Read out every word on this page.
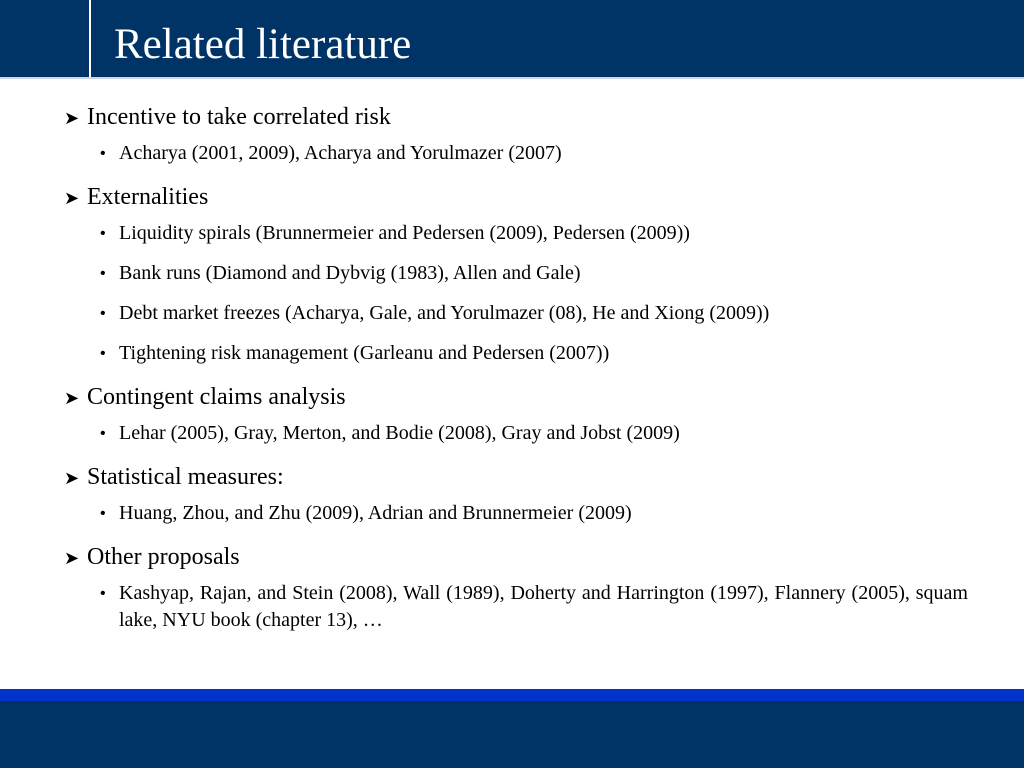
Related literature
➤ Incentive to take correlated risk
• Acharya (2001, 2009), Acharya and Yorulmazer (2007)
➤ Externalities
• Liquidity spirals (Brunnermeier and Pedersen (2009), Pedersen (2009))
• Bank runs (Diamond and Dybvig (1983), Allen and Gale)
• Debt market freezes (Acharya, Gale, and Yorulmazer (08), He and Xiong (2009))
• Tightening risk management (Garleanu and Pedersen (2007))
➤ Contingent claims analysis
• Lehar (2005), Gray, Merton, and Bodie (2008), Gray and Jobst (2009)
➤ Statistical measures:
• Huang, Zhou, and Zhu (2009), Adrian and Brunnermeier (2009)
➤ Other proposals
• Kashyap, Rajan, and Stein (2008), Wall (1989), Doherty and Harrington (1997), Flannery (2005), squam lake, NYU book (chapter 13), …
